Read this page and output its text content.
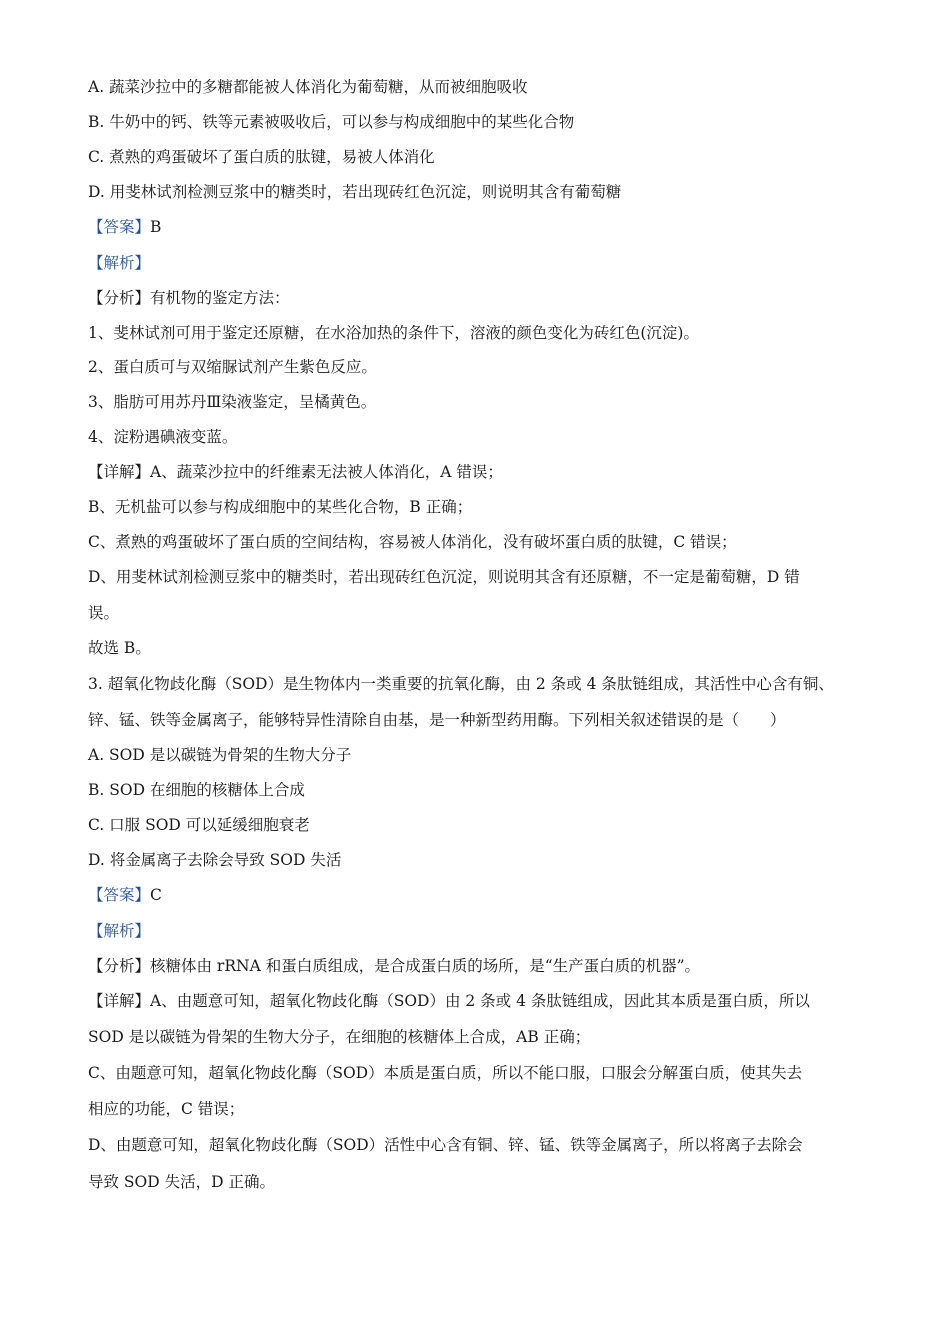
A. 蔬菜沙拉中的多糖都能被人体消化为葡萄糖，从而被细胞吸收
B. 牛奶中的钙、铁等元素被吸收后，可以参与构成细胞中的某些化合物
C. 煮熟的鸡蛋破坏了蛋白质的肽键，易被人体消化
D. 用斐林试剂检测豆浆中的糖类时，若出现砖红色沉淀，则说明其含有葡萄糖
【答案】B
【解析】
【分析】有机物的鉴定方法：
1、斐林试剂可用于鉴定还原糖，在水浴加热的条件下，溶液的颜色变化为砖红色(沉淀)。
2、蛋白质可与双缩脲试剂产生紫色反应。
3、脂肪可用苏丹Ⅲ染液鉴定，呈橘黄色。
4、淀粉遇碘液变蓝。
【详解】A、蔬菜沙拉中的纤维素无法被人体消化，A 错误；
B、无机盐可以参与构成细胞中的某些化合物，B 正确；
C、煮熟的鸡蛋破坏了蛋白质的空间结构，容易被人体消化，没有破坏蛋白质的肽键，C 错误；
D、用斐林试剂检测豆浆中的糖类时，若出现砖红色沉淀，则说明其含有还原糖，不一定是葡萄糖，D 错
误。
故选 B。
3. 超氧化物歧化酶（SOD）是生物体内一类重要的抗氧化酶，由 2 条或 4 条肽链组成，其活性中心含有铜、
锌、锰、铁等金属离子，能够特异性清除自由基，是一种新型药用酶。下列相关叙述错误的是（　　）
A. SOD 是以碳链为骨架的生物大分子
B. SOD 在细胞的核糖体上合成
C. 口服 SOD 可以延缓细胞衰老
D. 将金属离子去除会导致 SOD 失活
【答案】C
【解析】
【分析】核糖体由 rRNA 和蛋白质组成，是合成蛋白质的场所，是“生产蛋白质的机器”。
【详解】A、由题意可知，超氧化物歧化酶（SOD）由 2 条或 4 条肽链组成，因此其本质是蛋白质，所以
SOD 是以碳链为骨架的生物大分子，在细胞的核糖体上合成，AB 正确；
C、由题意可知，超氧化物歧化酶（SOD）本质是蛋白质，所以不能口服，口服会分解蛋白质，使其失去
相应的功能，C 错误；
D、由题意可知，超氧化物歧化酶（SOD）活性中心含有铜、锌、锰、铁等金属离子，所以将离子去除会
导致 SOD 失活，D 正确。
